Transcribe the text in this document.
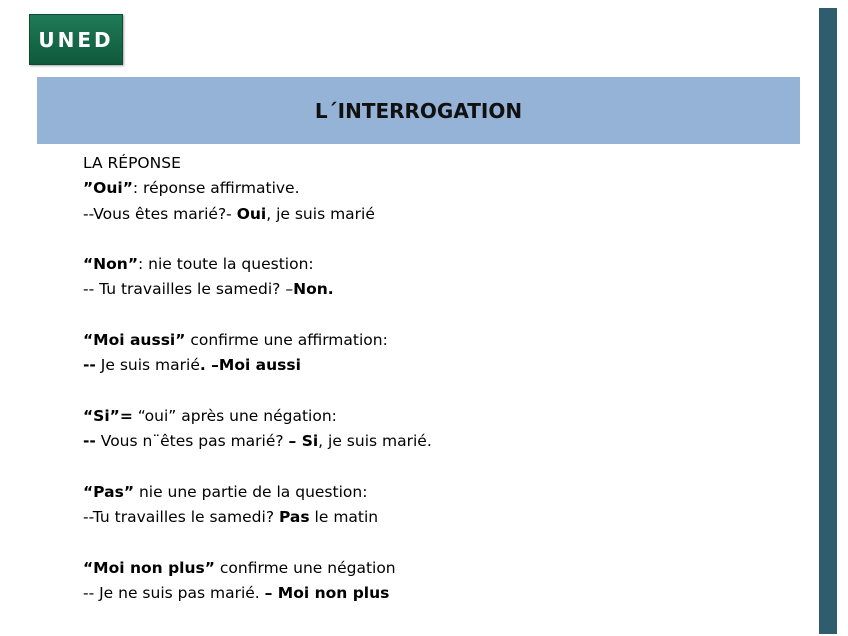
UNED
L´INTERROGATION
LA RÉPONSE
”Oui”: réponse affirmative.
--Vous êtes marié?- Oui, je suis marié
“Non”: nie toute la question:
-- Tu travailles le samedi? –Non.
“Moi aussi” confirme une affirmation:
-- Je suis marié. –Moi aussi
“Si”= “oui” après une négation:
-- Vous n¨êtes pas marié? – Si, je suis marié.
“Pas” nie une partie de la question:
--Tu travailles le samedi? Pas le matin
“Moi non plus” confirme une négation
-- Je ne suis pas marié. – Moi non plus
